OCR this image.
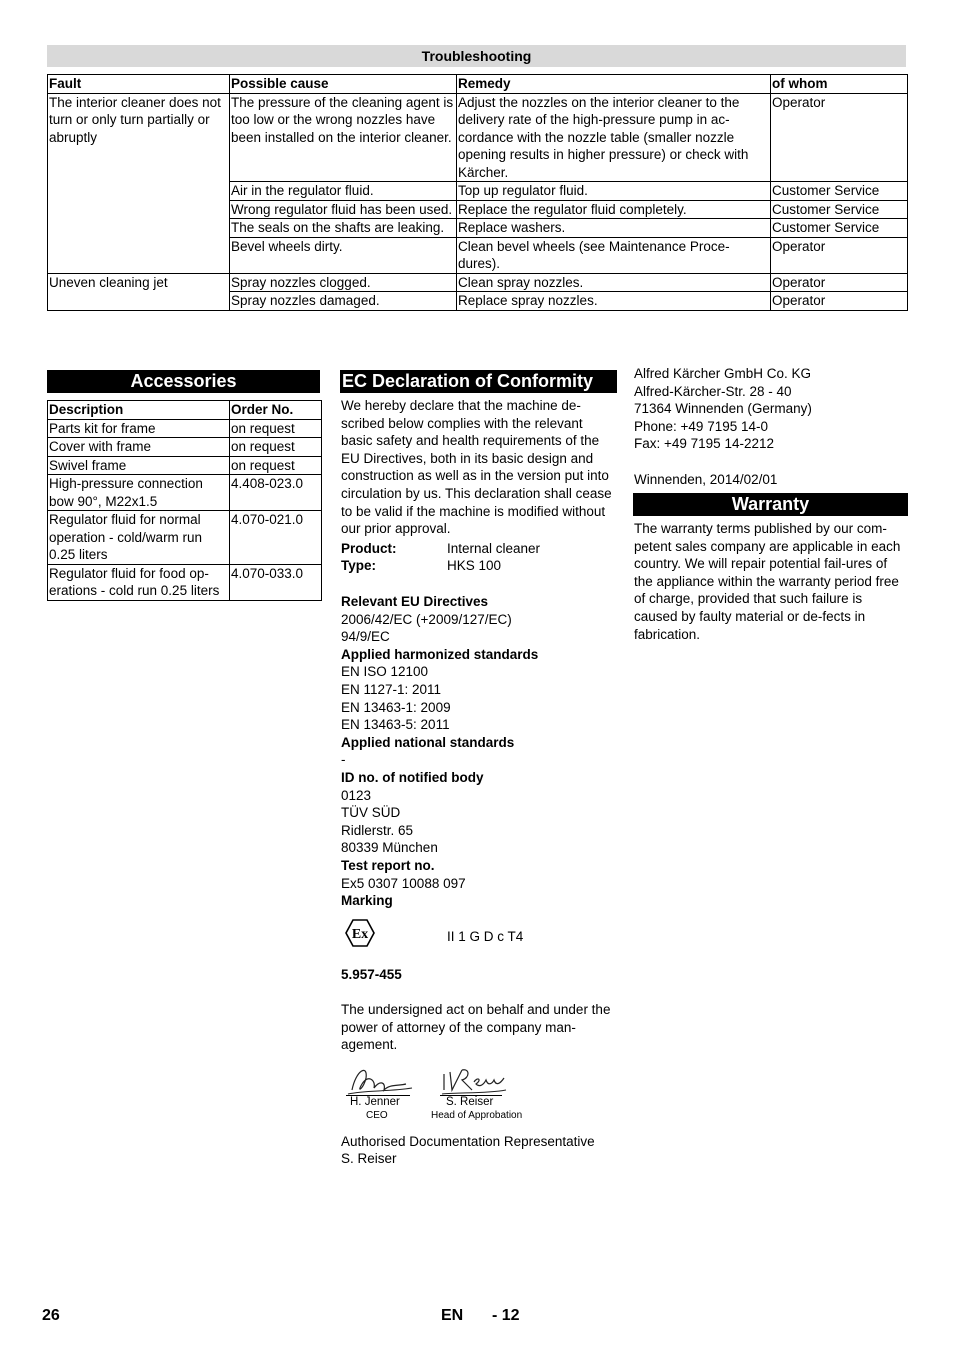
Troubleshooting
Fault	Possible cause	Remedy	of whom
The interior cleaner does not turn or only turn partially or abruptly	The pressure of the cleaning agent is too low or the wrong nozzles have been installed on the interior cleaner.	Adjust the nozzles on the interior cleaner to the delivery rate of the high-pressure pump in ac-cordance with the nozzle table (smaller nozzle opening results in higher pressure) or check with Kärcher.	Operator
	Air in the regulator fluid.	Top up regulator fluid.	Customer Service
	Wrong regulator fluid has been used.	Replace the regulator fluid completely.	Customer Service
	The seals on the shafts are leaking.	Replace washers.	Customer Service
	Bevel wheels dirty.	Clean bevel wheels (see Maintenance Proce-dures).	Operator
Uneven cleaning jet	Spray nozzles clogged.	Clean spray nozzles.	Operator
	Spray nozzles damaged.	Replace spray nozzles.	Operator
Accessories
Description	Order No.
Parts kit for frame	on request
Cover with frame	on request
Swivel frame	on request
High-pressure connection bow 90°, M22x1.5	4.408-023.0
Regulator fluid for normal operation - cold/warm run 0.25 liters	4.070-021.0
Regulator fluid for food op-erations - cold run 0.25 liters	4.070-033.0
EC Declaration of Conformity
We hereby declare that the machine de-scribed below complies with the relevant basic safety and health requirements of the EU Directives, both in its basic design and construction as well as in the version put into circulation by us. This declaration shall cease to be valid if the machine is modified without our prior approval.
Product:	Internal cleaner
Type:	HKS 100
Relevant EU Directives
2006/42/EC (+2009/127/EC)
94/9/EC
Applied harmonized standards
EN ISO 12100
EN 1127-1: 2011
EN 13463-1: 2009
EN 13463-5: 2011
Applied national standards
-
ID no. of notified body
0123
TÜV SÜD
Ridlerstr. 65
80339 München
Test report no.
Ex5 0307 10088 097
Marking
Ex	II 1 G D c T4
5.957-455
The undersigned act on behalf and under the power of attorney of the company man-agement.
H. Jenner	S. Reiser
CEO	Head of Approbation
Authorised Documentation Representative
S. Reiser
Alfred Kärcher GmbH Co. KG
Alfred-Kärcher-Str. 28 - 40
71364 Winnenden (Germany)
Phone: +49 7195 14-0
Fax: +49 7195 14-2212
Winnenden, 2014/02/01
Warranty
The warranty terms published by our com-petent sales company are applicable in each country. We will repair potential fail-ures of the appliance within the warranty period free of charge, provided that such failure is caused by faulty material or de-fects in fabrication.
26	EN - 12
